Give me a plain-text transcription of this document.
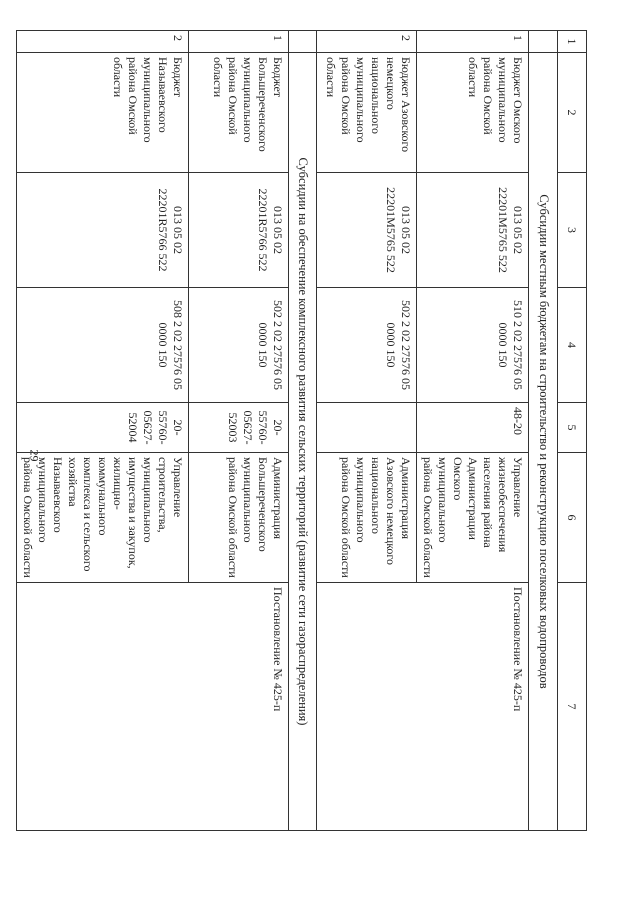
29
1	2	3	4	5	6	7
	Субсидии местным бюджетам на строительство и реконструкцию поселковых водопроводов					
1	Бюджет Омского муниципального района Омской области	013 05 02 22201M5765 522	510 2 02 27576 05 0000 150	48-20	Управление жизнеобеспечения населения района Администрации Омского муниципального района Омской области	Постановление № 425-п
2	Бюджет Азовского немецкого национального муниципального района Омской области	013 05 02 22201M5765 522	502 2 02 27576 05 0000 150		Администрация Азовского немецкого национального муниципального района Омской области	
	Субсидии на обеспечение комплексного развития сельских территорий (развитие сети газораспределения)					
1	Бюджет Большереченского муниципального района Омской области	013 05 02 22201R5766 522	502 2 02 27576 05 0000 150	20-55760-05627-52003	Администрация Большереченского муниципального района Омской области	Постановление № 425-п
2	Бюджет Называевского муниципального района Омской области	013 05 02 22201R5766 522	508 2 02 27576 05 0000 150	20-55760-05627-52004	Управление строительства, муниципального имущества и закупок, жилищно-коммунального комплекса и сельского хозяйства Называевского муниципального района Омской области	
